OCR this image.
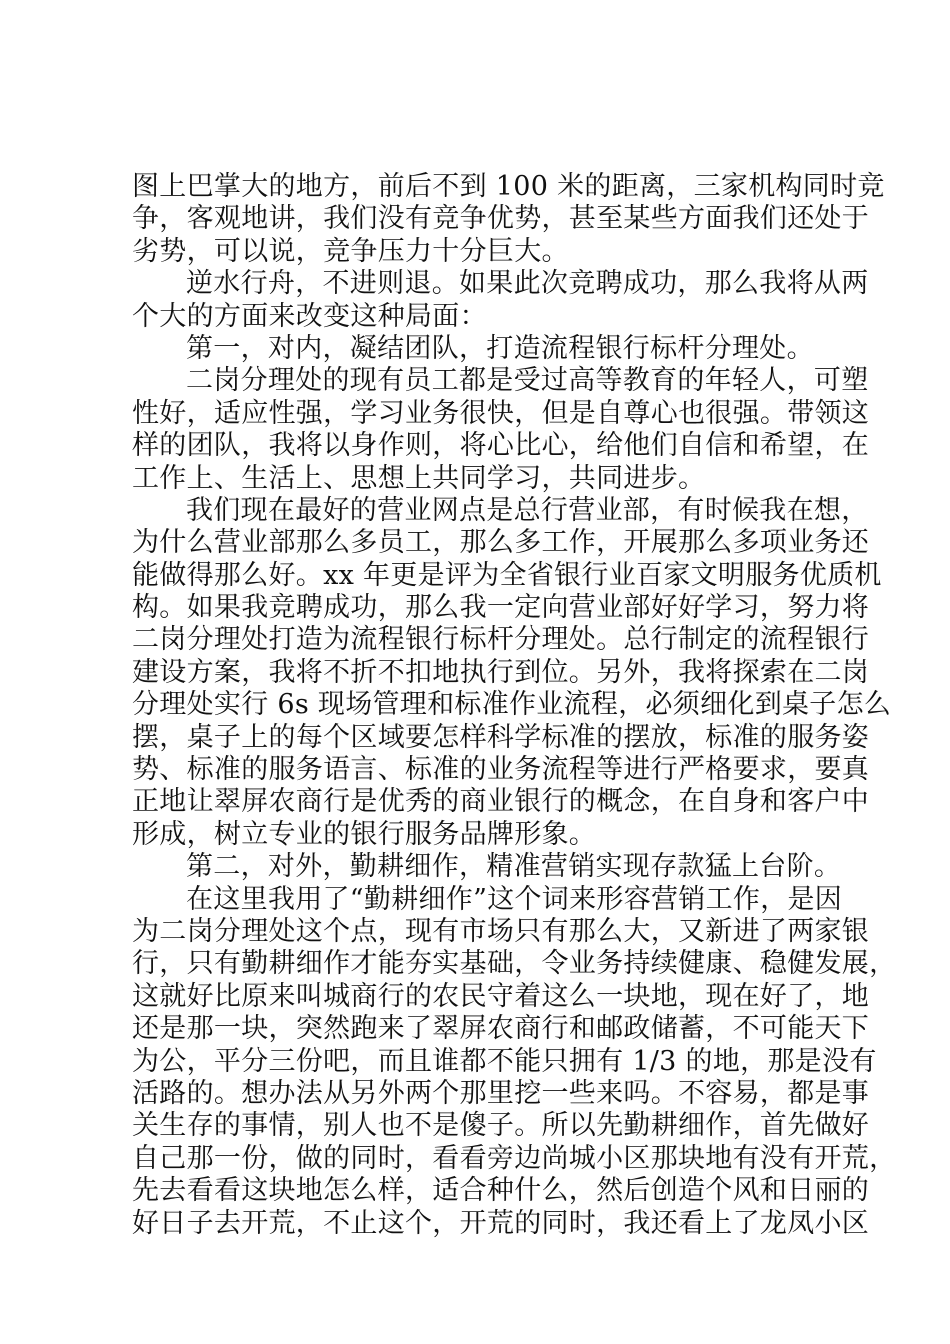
图上巴掌大的地方，前后不到 100 米的距离，三家机构同时竞
争，客观地讲，我们没有竞争优势，甚至某些方面我们还处于
劣势，可以说，竞争压力十分巨大。
逆水行舟，不进则退。如果此次竞聘成功，那么我将从两
个大的方面来改变这种局面：
第一，对内，凝结团队，打造流程银行标杆分理处。
二岗分理处的现有员工都是受过高等教育的年轻人，可塑
性好，适应性强，学习业务很快，但是自尊心也很强。带领这
样的团队，我将以身作则，将心比心，给他们自信和希望，在
工作上、生活上、思想上共同学习，共同进步。
我们现在最好的营业网点是总行营业部，有时候我在想，
为什么营业部那么多员工，那么多工作，开展那么多项业务还
能做得那么好。xx 年更是评为全省银行业百家文明服务优质机
构。如果我竞聘成功，那么我一定向营业部好好学习，努力将
二岗分理处打造为流程银行标杆分理处。总行制定的流程银行
建设方案，我将不折不扣地执行到位。另外，我将探索在二岗
分理处实行 6s 现场管理和标准作业流程，必须细化到桌子怎么
摆，桌子上的每个区域要怎样科学标准的摆放，标准的服务姿
势、标准的服务语言、标准的业务流程等进行严格要求，要真
正地让翠屏农商行是优秀的商业银行的概念，在自身和客户中
形成，树立专业的银行服务品牌形象。
第二，对外，勤耕细作，精准营销实现存款猛上台阶。
在这里我用了“勤耕细作”这个词来形容营销工作，是因
为二岗分理处这个点，现有市场只有那么大，又新进了两家银
行，只有勤耕细作才能夯实基础，令业务持续健康、稳健发展，
这就好比原来叫城商行的农民守着这么一块地，现在好了，地
还是那一块，突然跑来了翠屏农商行和邮政储蓄，不可能天下
为公，平分三份吧，而且谁都不能只拥有 1/3 的地，那是没有
活路的。想办法从另外两个那里挖一些来吗。不容易，都是事
关生存的事情，别人也不是傻子。所以先勤耕细作，首先做好
自己那一份，做的同时，看看旁边尚城小区那块地有没有开荒，
先去看看这块地怎么样，适合种什么，然后创造个风和日丽的
好日子去开荒，不止这个，开荒的同时，我还看上了龙凤小区
